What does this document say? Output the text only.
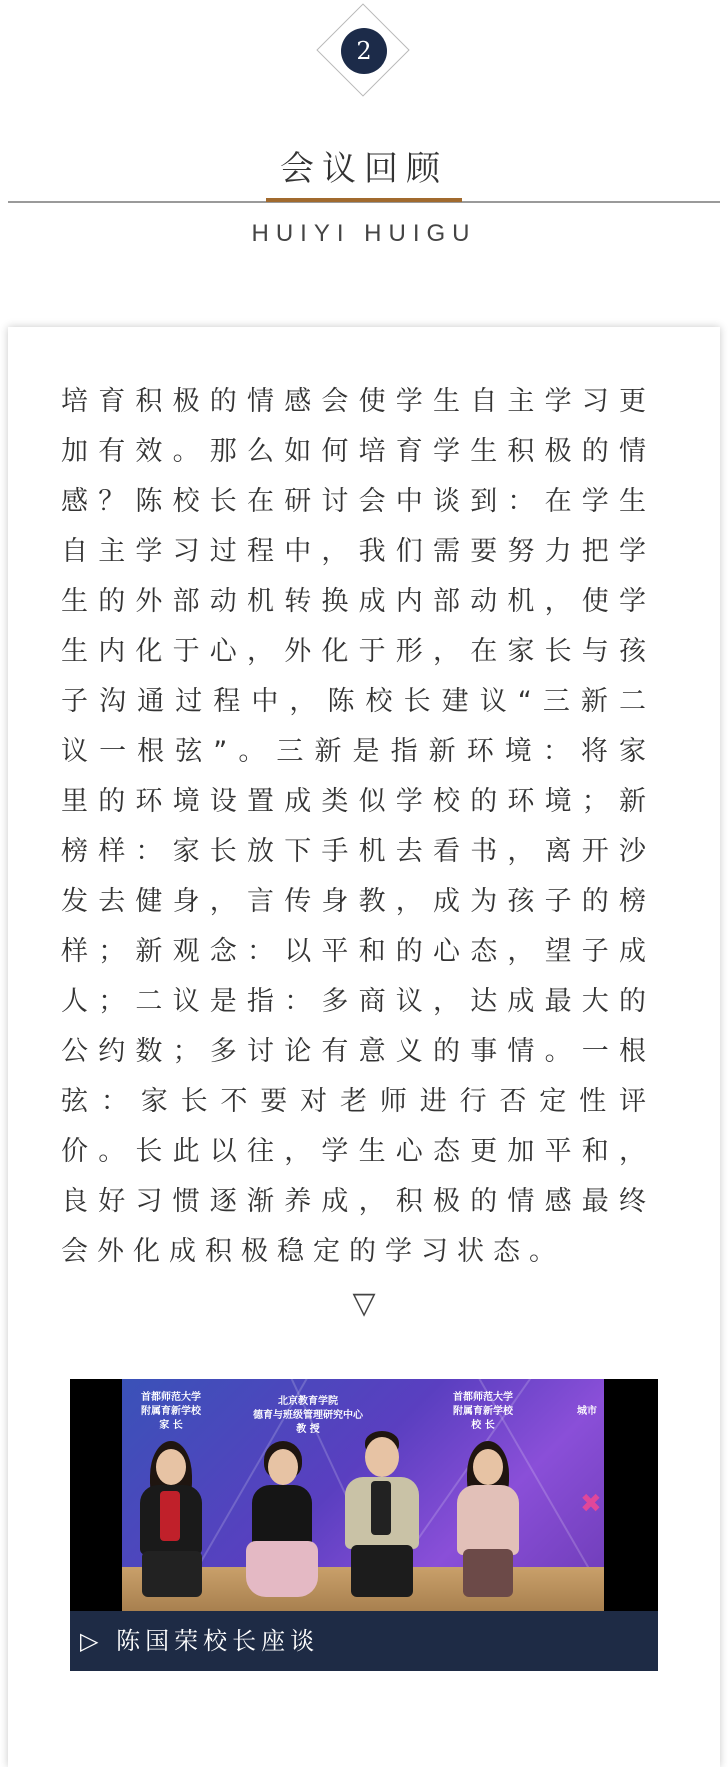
2
会议回顾
HUIYI HUIGU
培育积极的情感会使学生自主学习更加有效。那么如何培育学生积极的情感？陈校长在研讨会中谈到：在学生自主学习过程中，我们需要努力把学生的外部动机转换成内部动机，使学生内化于心，外化于形，在家长与孩子沟通过程中，陈校长建议“三新二议一根弦”。三新是指新环境：将家里的环境设置成类似学校的环境；新榜样：家长放下手机去看书，离开沙发去健身，言传身教，成为孩子的榜样；新观念：以平和的心态，望子成人；二议是指：多商议，达成最大的公约数；多讨论有意义的事情。一根弦：家长不要对老师进行否定性评价。长此以往，学生心态更加平和，良好习惯逐渐养成，积极的情感最终会外化成积极稳定的学习状态。
▽
首都师范大学
附属育新学校
家 长
北京教育学院
德育与班级管理研究中心
教 授
首都师范大学
附属育新学校
校 长
城市
✖
▷ 陈国荣校长座谈
